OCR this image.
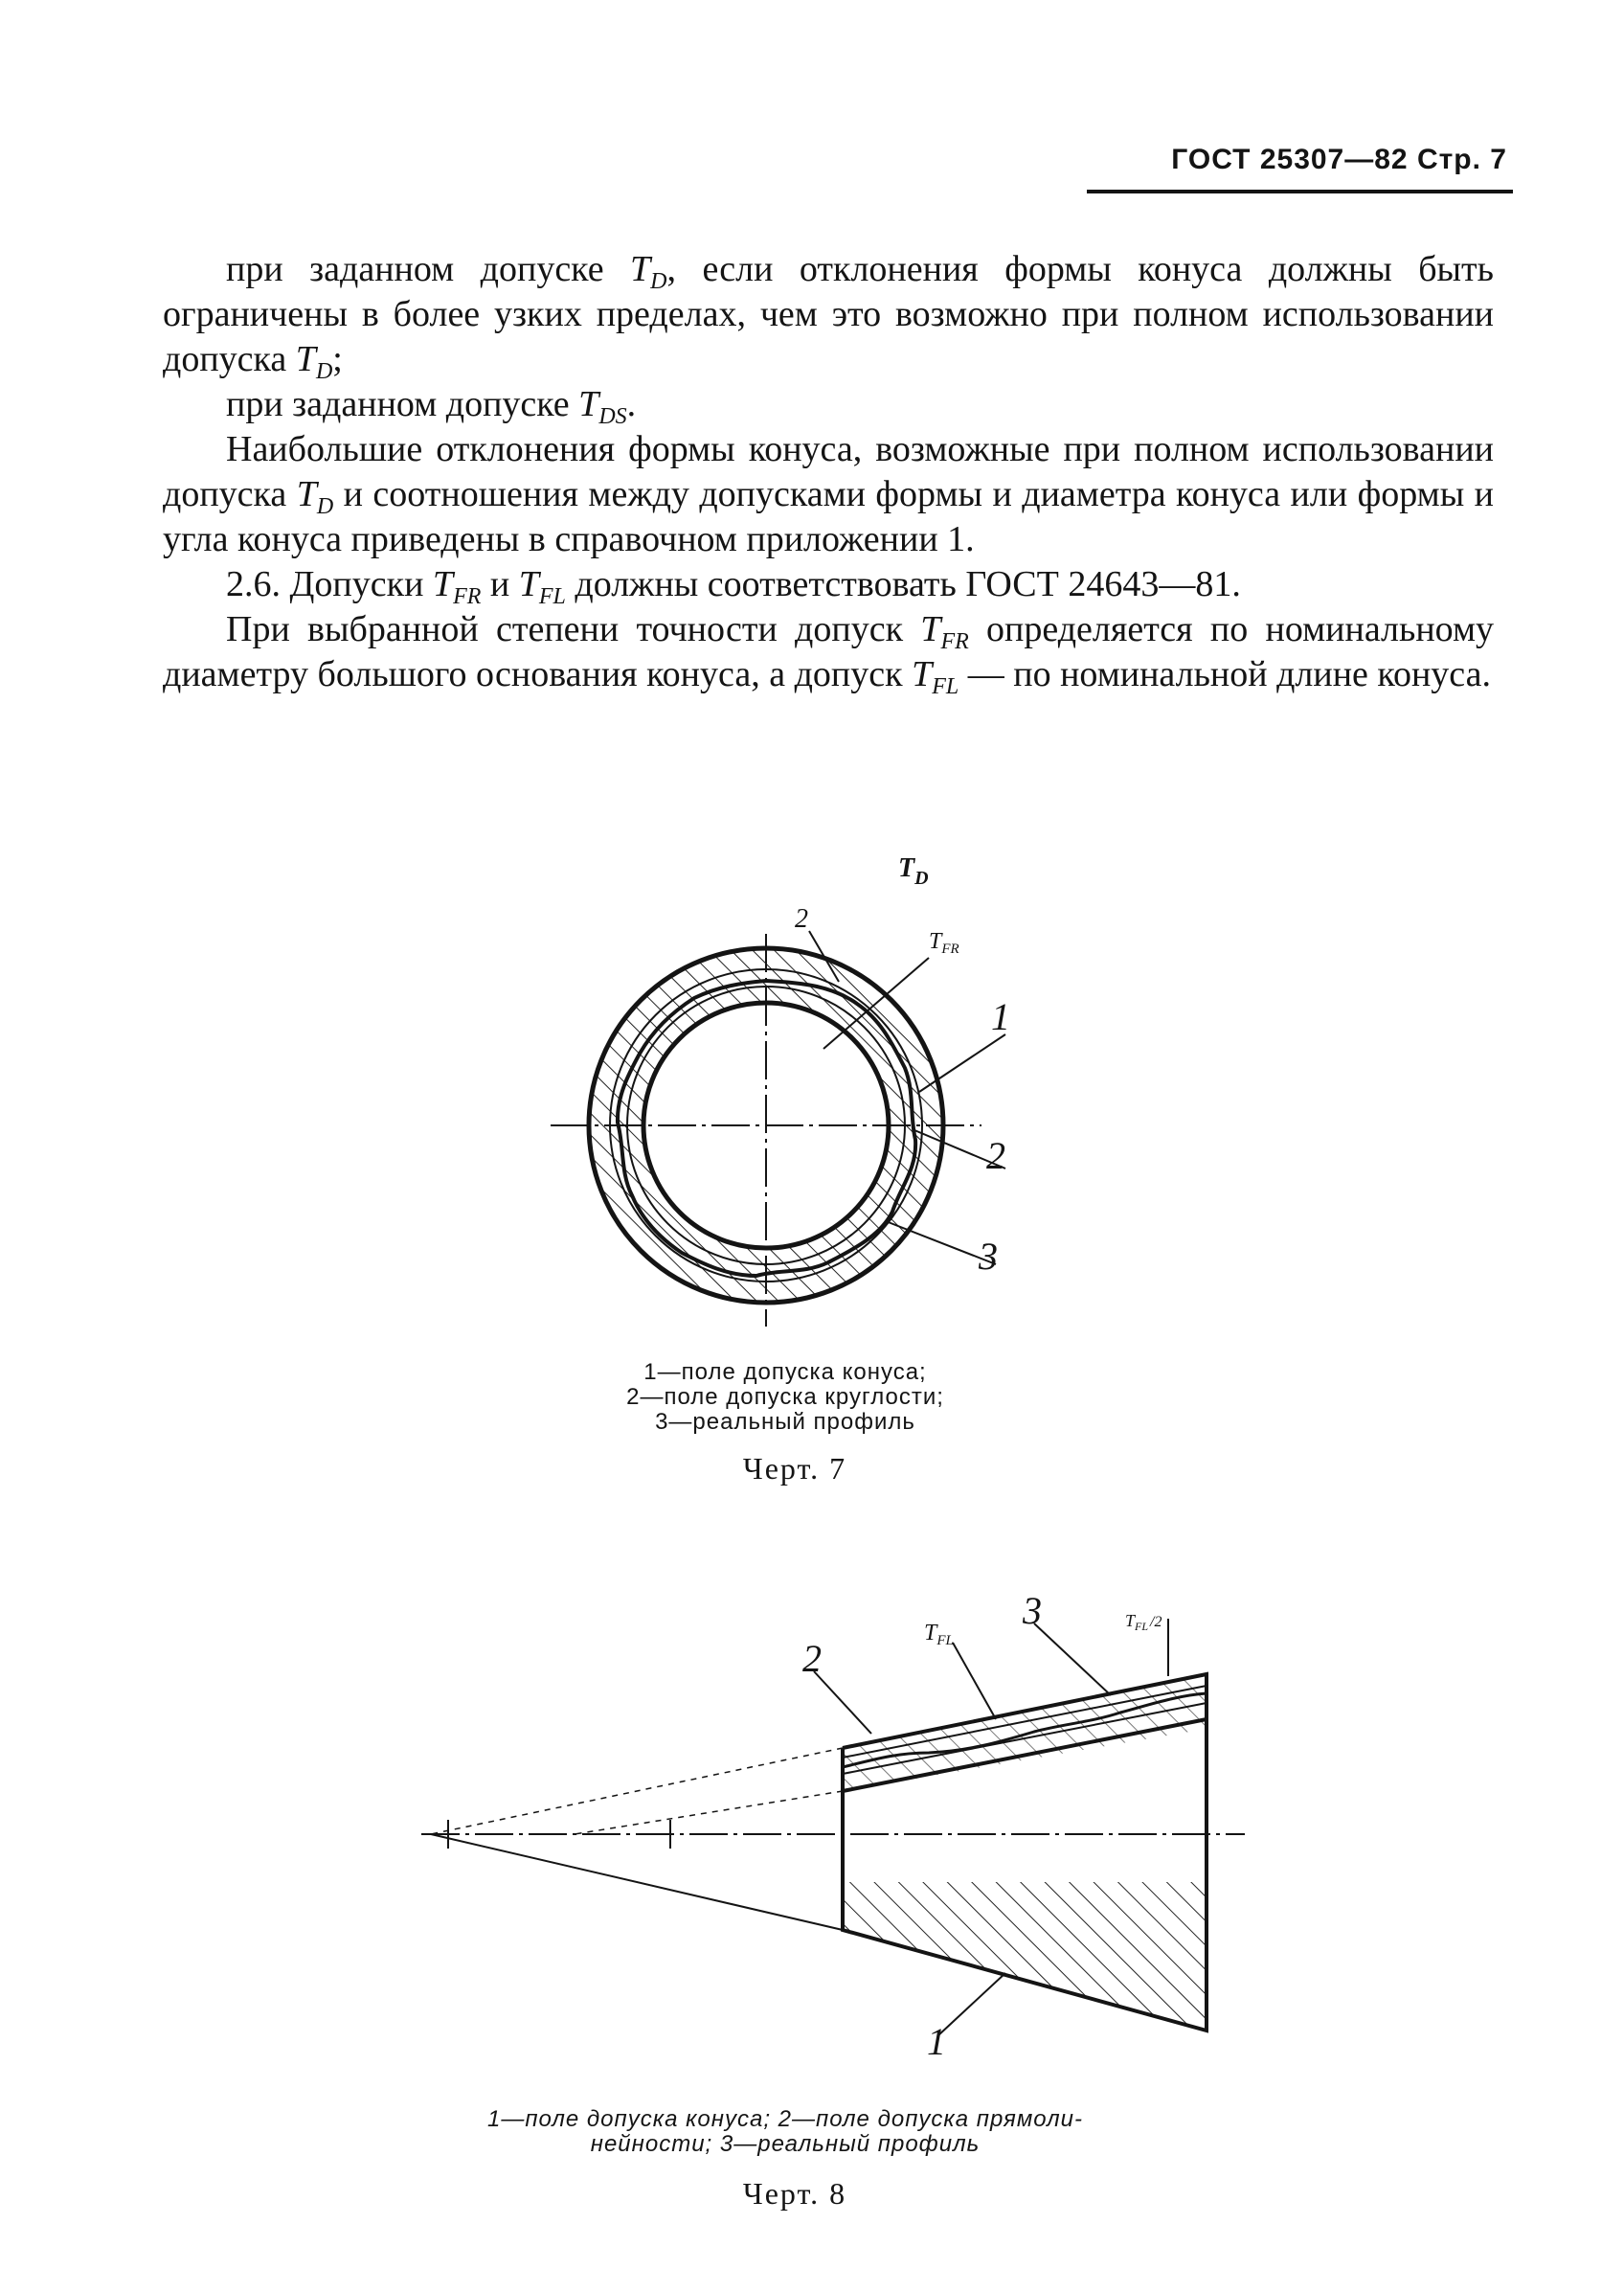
ГОСТ 25307—82 Стр. 7

при заданном допуске $T_D$, если отклонения формы конуса должны быть ограничены в более узких пределах, чем это возможно при полном использовании допуска $T_D$;

при заданном допуске $T_{DS}$.

Наибольшие отклонения формы конуса, возможные при полном использовании допуска $T_D$ и соотношения между допусками формы и диаметра конуса или формы и угла конуса приведены в справочном приложении 1.

2.6. Допуски $T_{FR}$ и $T_{FL}$ должны соответствовать ГОСТ 24643—81.

При выбранной степени точности допуск $T_{FR}$ определяется по номинальному диаметру большого основания конуса, а допуск $T_{FL}$ — по номинальной длине конуса.

2
1
2
3
$T_{FR}$
$T_D$
1—поле допуска конуса;
2—поле допуска круглости;
3—реальный профиль
Черт. 7
2
3
1
$T_{FL}$
$T_{FL}$ /2
1—поле допуска конуса; 2—поле допуска прямоли-
нейности; 3—реальный профиль
Черт. 8
